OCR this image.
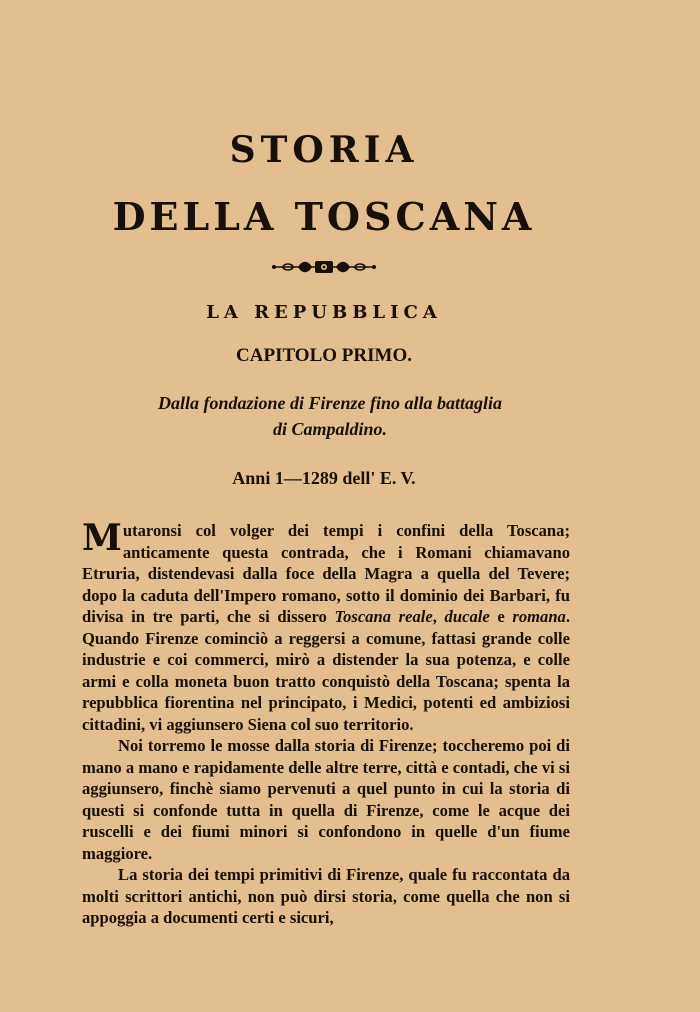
STORIA
DELLA TOSCANA
LA REPUBBLICA
CAPITOLO PRIMO.
Dalla fondazione di Firenze fino alla battaglia
di Campaldino.
Anni 1—1289 dell' E. V.

Mutaronsi col volger dei tempi i confini della Toscana; anticamente questa contrada, che i Romani chiamavano Etruria, distendevasi dalla foce della Magra a quella del Tevere; dopo la caduta dell'Impero romano, sotto il dominio dei Barbari, fu divisa in tre parti, che si dissero Toscana reale, ducale e romana. Quando Firenze cominciò a reggersi a comune, fattasi grande colle industrie e coi commerci, mirò a distender la sua potenza, e colle armi e colla moneta buon tratto conquistò della Toscana; spenta la repubblica fiorentina nel principato, i Medici, potenti ed ambiziosi cittadini, vi aggiunsero Siena col suo territorio.

Noi torremo le mosse dalla storia di Firenze; toccheremo poi di mano a mano e rapidamente delle altre terre, città e contadi, che vi si aggiunsero, finchè siamo pervenuti a quel punto in cui la storia di questi si confonde tutta in quella di Firenze, come le acque dei ruscelli e dei fiumi minori si confondono in quelle d'un fiume maggiore.

La storia dei tempi primitivi di Firenze, quale fu raccontata da molti scrittori antichi, non può dirsi storia, come quella che non si appoggia a documenti certi e sicuri,
